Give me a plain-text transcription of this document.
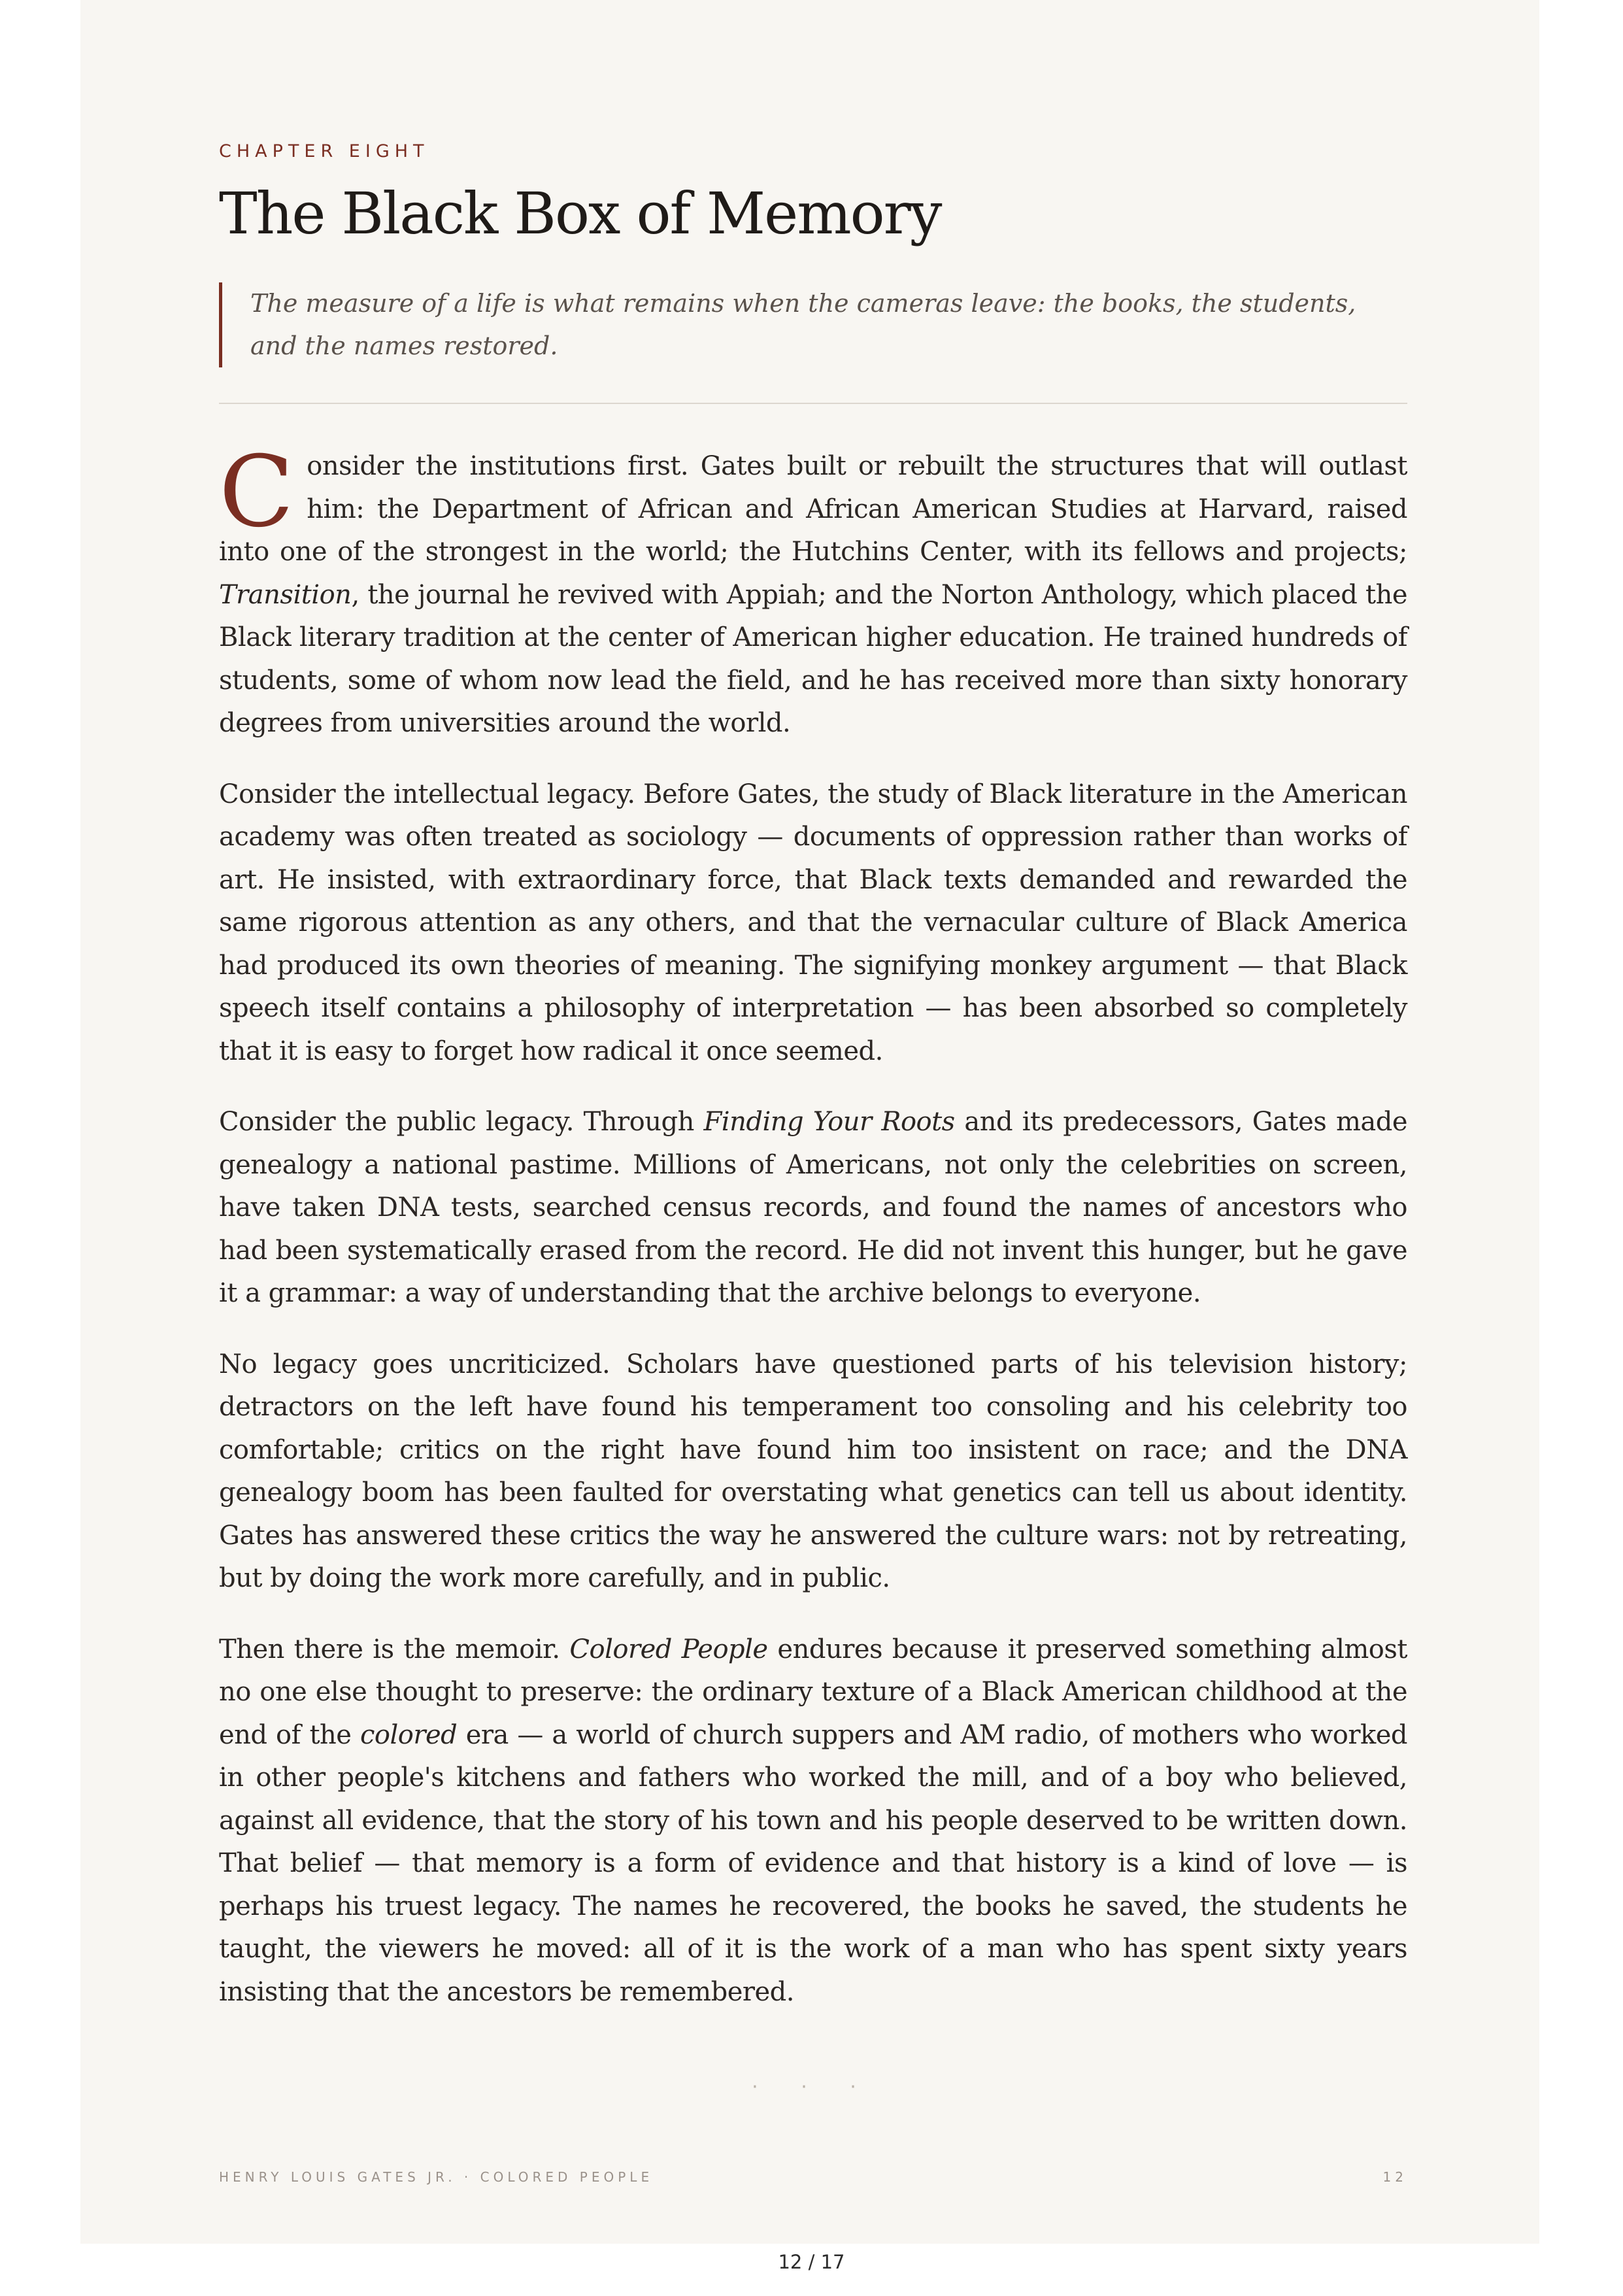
CHAPTER EIGHT
The Black Box of Memory
The measure of a life is what remains when the cameras leave: the books, the students, and the names restored.

Consider the institutions first. Gates built or rebuilt the structures that will outlast him: the Department of African and African American Studies at Harvard, raised into one of the strongest in the world; the Hutchins Center, with its fellows and projects; Transition, the journal he revived with Appiah; and the Norton Anthology, which placed the Black literary tradition at the center of American higher education. He trained hundreds of students, some of whom now lead the field, and he has received more than sixty honorary degrees from universities around the world.

Consider the intellectual legacy. Before Gates, the study of Black literature in the American academy was often treated as sociology — documents of oppression rather than works of art. He insisted, with extraordinary force, that Black texts demanded and rewarded the same rigorous attention as any others, and that the vernacular culture of Black America had produced its own theories of meaning. The signifying monkey argument — that Black speech itself contains a philosophy of interpretation — has been absorbed so completely that it is easy to forget how radical it once seemed.

Consider the public legacy. Through Finding Your Roots and its predecessors, Gates made genealogy a national pastime. Millions of Americans, not only the celebrities on screen, have taken DNA tests, searched census records, and found the names of ancestors who had been systematically erased from the record. He did not invent this hunger, but he gave it a grammar: a way of understanding that the archive belongs to everyone.

No legacy goes uncriticized. Scholars have questioned parts of his television history; detractors on the left have found his temperament too consoling and his celebrity too comfortable; critics on the right have found him too insistent on race; and the DNA genealogy boom has been faulted for overstating what genetics can tell us about identity. Gates has answered these critics the way he answered the culture wars: not by retreating, but by doing the work more carefully, and in public.

Then there is the memoir. Colored People endures because it preserved something almost no one else thought to preserve: the ordinary texture of a Black American childhood at the end of the colored era — a world of church suppers and AM radio, of mothers who worked in other people's kitchens and fathers who worked the mill, and of a boy who believed, against all evidence, that the story of his town and his people deserved to be written down. That belief — that memory is a form of evidence and that history is a kind of love — is perhaps his truest legacy. The names he recovered, the books he saved, the students he taught, the viewers he moved: all of it is the work of a man who has spent sixty years insisting that the ancestors be remembered.

· · ·
HENRY LOUIS GATES JR. · COLORED PEOPLE	12
12 / 17
